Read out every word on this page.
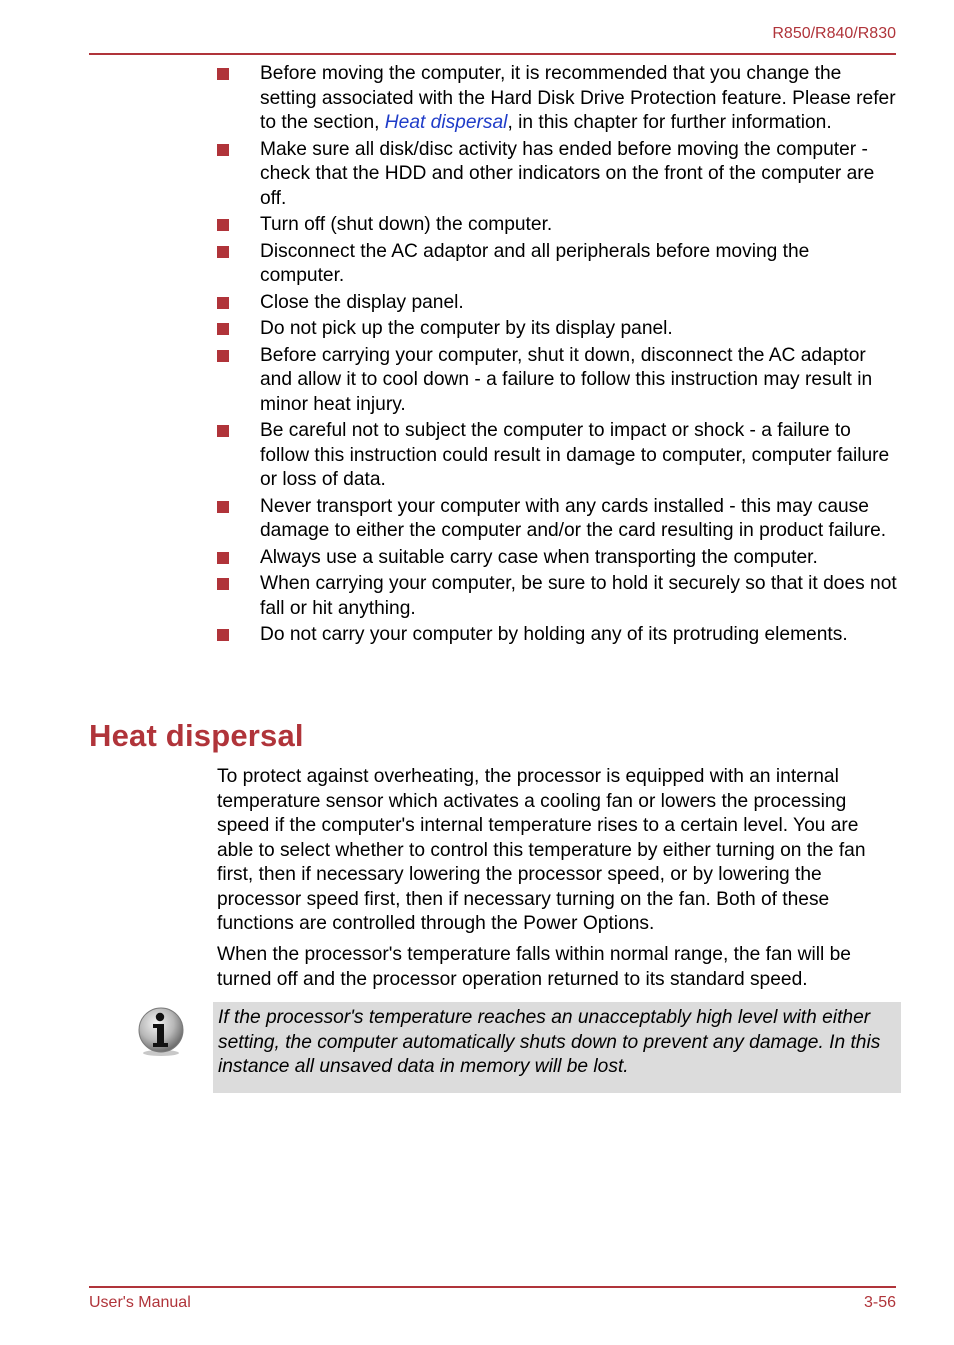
R850/R840/R830
Before moving the computer, it is recommended that you change the setting associated with the Hard Disk Drive Protection feature. Please refer to the section, Heat dispersal, in this chapter for further information.
Make sure all disk/disc activity has ended before moving the computer - check that the HDD and other indicators on the front of the computer are off.
Turn off (shut down) the computer.
Disconnect the AC adaptor and all peripherals before moving the computer.
Close the display panel.
Do not pick up the computer by its display panel.
Before carrying your computer, shut it down, disconnect the AC adaptor and allow it to cool down - a failure to follow this instruction may result in minor heat injury.
Be careful not to subject the computer to impact or shock - a failure to follow this instruction could result in damage to computer, computer failure or loss of data.
Never transport your computer with any cards installed - this may cause damage to either the computer and/or the card resulting in product failure.
Always use a suitable carry case when transporting the computer.
When carrying your computer, be sure to hold it securely so that it does not fall or hit anything.
Do not carry your computer by holding any of its protruding elements.
Heat dispersal

To protect against overheating, the processor is equipped with an internal temperature sensor which activates a cooling fan or lowers the processing speed if the computer's internal temperature rises to a certain level. You are able to select whether to control this temperature by either turning on the fan first, then if necessary lowering the processor speed, or by lowering the processor speed first, then if necessary turning on the fan. Both of these functions are controlled through the Power Options.

When the processor's temperature falls within normal range, the fan will be turned off and the processor operation returned to its standard speed.

If the processor's temperature reaches an unacceptably high level with either setting, the computer automatically shuts down to prevent any damage. In this instance all unsaved data in memory will be lost.

User's Manual	3-56
